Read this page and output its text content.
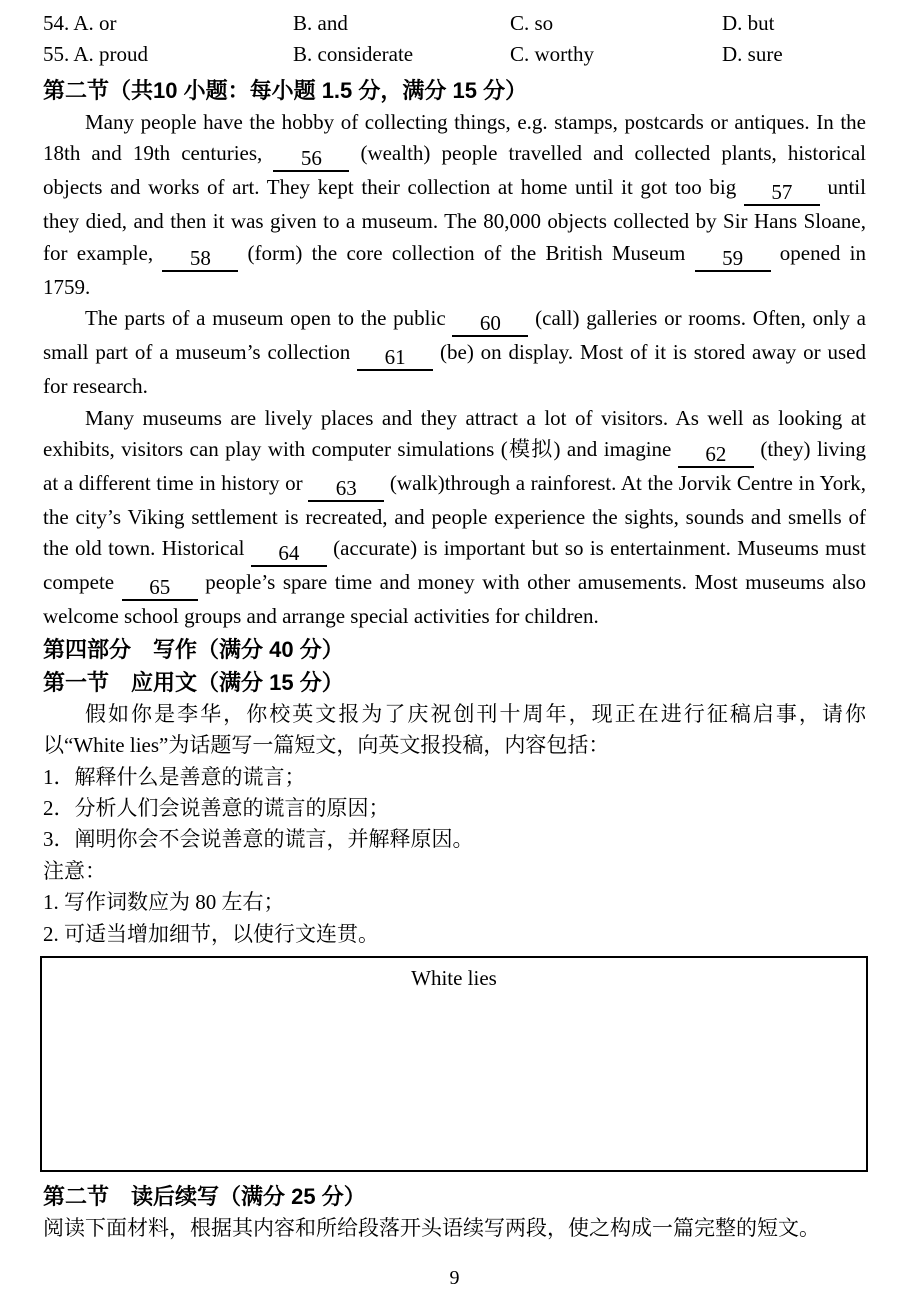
54. A. or	B. and	C. so	D. but
55. A. proud	B. considerate	C. worthy	D. sure
第二节（共10 小题：每小题 1.5 分，满分 15 分）

Many people have the hobby of collecting things, e.g. stamps, postcards or antiques. In the 18th and 19th centuries, 56 (wealth) people travelled and collected plants, historical objects and works of art. They kept their collection at home until it got too big 57 until they died, and then it was given to a museum. The 80,000 objects collected by Sir Hans Sloane, for example, 58 (form) the core collection of the British Museum 59 opened in 1759.

The parts of a museum open to the public 60 (call) galleries or rooms. Often, only a small part of a museum’s collection 61 (be) on display. Most of it is stored away or used for research.

Many museums are lively places and they attract a lot of visitors. As well as looking at exhibits, visitors can play with computer simulations (模拟) and imagine 62 (they) living at a different time in history or 63 (walk)through a rainforest. At the Jorvik Centre in York, the city’s Viking settlement is recreated, and people experience the sights, sounds and smells of the old town. Historical 64 (accurate) is important but so is entertainment. Museums must compete 65 people’s spare time and money with other amusements. Most museums also welcome school groups and arrange special activities for children.

第四部分　写作（满分 40 分）
第一节　应用文（满分 15 分）

假如你是李华，你校英文报为了庆祝创刊十周年，现正在进行征稿启事，请你以“White lies”为话题写一篇短文，向英文报投稿，内容包括：

1．解释什么是善意的谎言；

2．分析人们会说善意的谎言的原因；

3．阐明你会不会说善意的谎言，并解释原因。

注意：

1. 写作词数应为 80 左右；

2. 可适当增加细节，以使行文连贯。

White lies
第二节　读后续写（满分 25 分）

阅读下面材料，根据其内容和所给段落开头语续写两段，使之构成一篇完整的短文。

9
